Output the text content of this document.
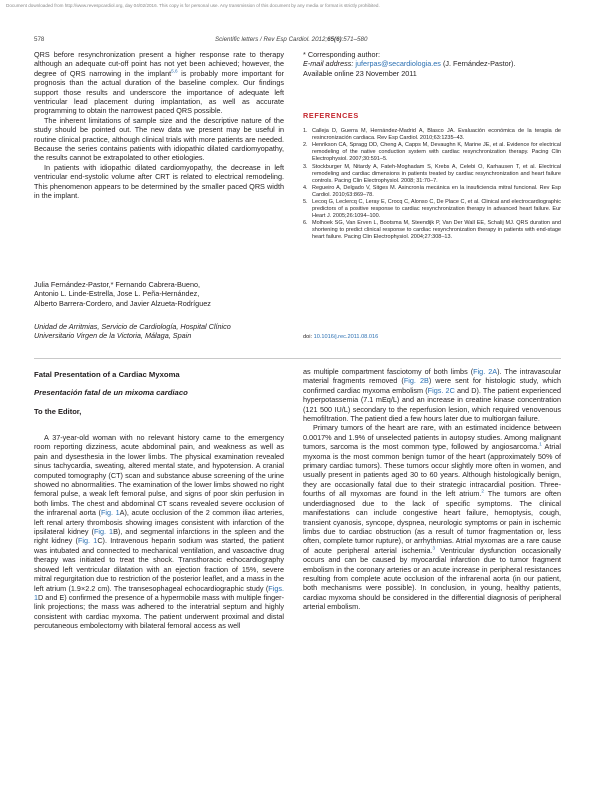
Document downloaded from http://www.revespcardiol.org, day 04/02/2016. This copy is for personal use. Any transmission of this document by any media or format is strictly prohibited.
578	Scientific letters / Rev Esp Cardiol. 2012;65(6):571–580

QRS before resynchronization present a higher response rate to therapy although an adequate cut-off point has not yet been achieved; however, the degree of QRS narrowing in the implant$^{5,6}$ is probably more important for prognosis than the actual duration of the baseline complex. Our findings support those results and underscore the importance of adequate left ventricular lead placement during implantation, as well as accurate programming to obtain the narrowest paced QRS possible.

The inherent limitations of sample size and the descriptive nature of the study should be pointed out. The new data we present may be useful in routine clinical practice, although clinical trials with more patients are needed. Because the series contains patients with idiopathic dilated cardiomyopathy, the results cannot be extrapolated to other etiologies.

In patients with idiopathic dilated cardiomyopathy, the decrease in left ventricular end-systolic volume after CRT is related to electrical remodeling. This phenomenon appears to be determined by the smaller paced QRS width in the implant.

Julia Fernández-Pastor,* Fernando Cabrera-Bueno,
Antonio L. Linde-Estrella, Jose L. Peña-Hernández,
Alberto Barrera-Cordero, and Javier Alzueta-Rodríguez
Unidad de Arritmias, Servicio de Cardiología, Hospital Clínico
Universitario Virgen de la Victoria, Málaga, Spain
* Corresponding author:
E-mail address: juferpas@secardiologia.es (J. Fernández-Pastor).
Available online 23 November 2011
REFERENCES
1. Calleja D, Guerra M, Hernández-Madrid A, Blasco JA. Evaluación económica de la terapia de resincronización cardiaca. Rev Esp Cardiol. 2010;63:1235–43.
2. Henrikson CA, Spragg DD, Cheng A, Capps M, Devaughn K, Marine JE, et al. Evidence for electrical remodeling of the native conduction system with cardiac resynchronization therapy. Pacing Clin Electrophysiol. 2007;30:591–5.
3. Stockburger M, Nitardy A, Fateh-Moghadam S, Krebs A, Celebi O, Karhausen T, et al. Electrical remodeling and cardiac dimensions in patients treated by cardiac resynchronization and heart failure controls. Pacing Clin Electrophysiol. 2008; 31:70–7.
4. Regueiro A, Delgado V, Sitges M. Asincronía mecánica en la insuficiencia mitral funcional. Rev Esp Cardiol. 2010;63:869–78.
5. Lecoq G, Leclercq C, Leray E, Crocq C, Alonso C, De Place C, et al. Clinical and electrocardiographic predictors of a positive response to cardiac resynchronization therapy in advanced heart failure. Eur Heart J. 2005;26:1094–100.
6. Molhoek SG, Van Erven L, Bootsma M, Steendijk P, Van Der Wall EE, Schalij MJ. QRS duration and shortening to predict clinical response to cardiac resynchronization therapy in patients with end-stage heart failure. Pacing Clin Electrophysiol. 2004;27:308–13.
doi: 10.1016/j.rec.2011.08.016
Fatal Presentation of a Cardiac Myxoma
Presentación fatal de un mixoma cardiaco
To the Editor,

A 37-year-old woman with no relevant history came to the emergency room reporting dizziness, acute abdominal pain, and weakness as well as pain and dysesthesia in the lower limbs. The physical examination revealed sinus tachycardia, sweating, altered mental state, and hypotension. A cranial computed tomography (CT) scan and substance abuse screening of the urine showed no abnormalities. The examination of the lower limbs showed no right femoral pulse, a weak left femoral pulse, and signs of poor skin perfusion in both limbs. The chest and abdominal CT scans revealed severe occlusion of the infrarenal aorta (Fig. 1A), acute occlusion of the 2 common iliac arteries, left renal artery thrombosis showing images consistent with infarction of the ipsilateral kidney (Fig. 1B), and segmental infarctions in the spleen and the right kidney (Fig. 1C). Intravenous heparin sodium was started, the patient was intubated and connected to mechanical ventilation, and vasoactive drug therapy was initiated to treat the shock. Transthoracic echocardiography showed left ventricular dilatation with an ejection fraction of 15%, severe mitral regurgitation due to restriction of the posterior leaflet, and a mass in the left atrium (1.9×2.2 cm). The transesophageal echocardiographic study (Figs. 1D and E) confirmed the presence of a hypermobile mass with multiple finger-link projections; the mass was adhered to the interatrial septum and highly consistent with cardiac myxoma. The patient underwent proximal and distal percutaneous embolectomy with bilateral femoral access as well

as multiple compartment fasciotomy of both limbs (Fig. 2A). The intravascular material fragments removed (Fig. 2B) were sent for histologic study, which confirmed cardiac myxoma embolism (Figs. 2C and D). The patient experienced hyperpotassemia (7.1 mEq/L) and an increase in creatine kinase concentration (121 500 IU/L) secondary to the reperfusion lesion, which required venovenous hemofiltration. The patient died a few hours later due to multiorgan failure.

Primary tumors of the heart are rare, with an estimated incidence between 0.0017% and 1.9% of unselected patients in autopsy studies. Among malignant tumors, sarcoma is the most common type, followed by angiosarcoma.$^1$ Atrial myxoma is the most common benign tumor of the heart (approximately 50% of primary cardiac tumors). These tumors occur slightly more often in women, and usually present in patients aged 30 to 60 years. Although histologically benign, they are occasionally fatal due to their strategic intracardial position. Three-fourths of all myxomas are found in the left atrium.$^2$ The tumors are often underdiagnosed due to the lack of specific symptoms. The clinical manifestations can include congestive heart failure, hemoptysis, cough, transient cyanosis, syncope, dyspnea, neurologic symptoms or pain in ischemic limbs due to cardiac obstruction (as a result of tumor fragmentation or, less often, complete tumor rupture), or arrhythmias. Atrial myxomas are a rare cause of acute peripheral arterial ischemia.$^3$ Ventricular dysfunction occasionally occurs and can be caused by myocardial infarction due to tumor fragment embolism in the coronary arteries or an acute increase in peripheral resistances resulting from complete acute occlusion of the infrarenal aorta (in our patient, both mechanisms were possible). In conclusion, in young, healthy patients, cardiac myxoma should be considered in the differential diagnosis of peripheral arterial embolism.
